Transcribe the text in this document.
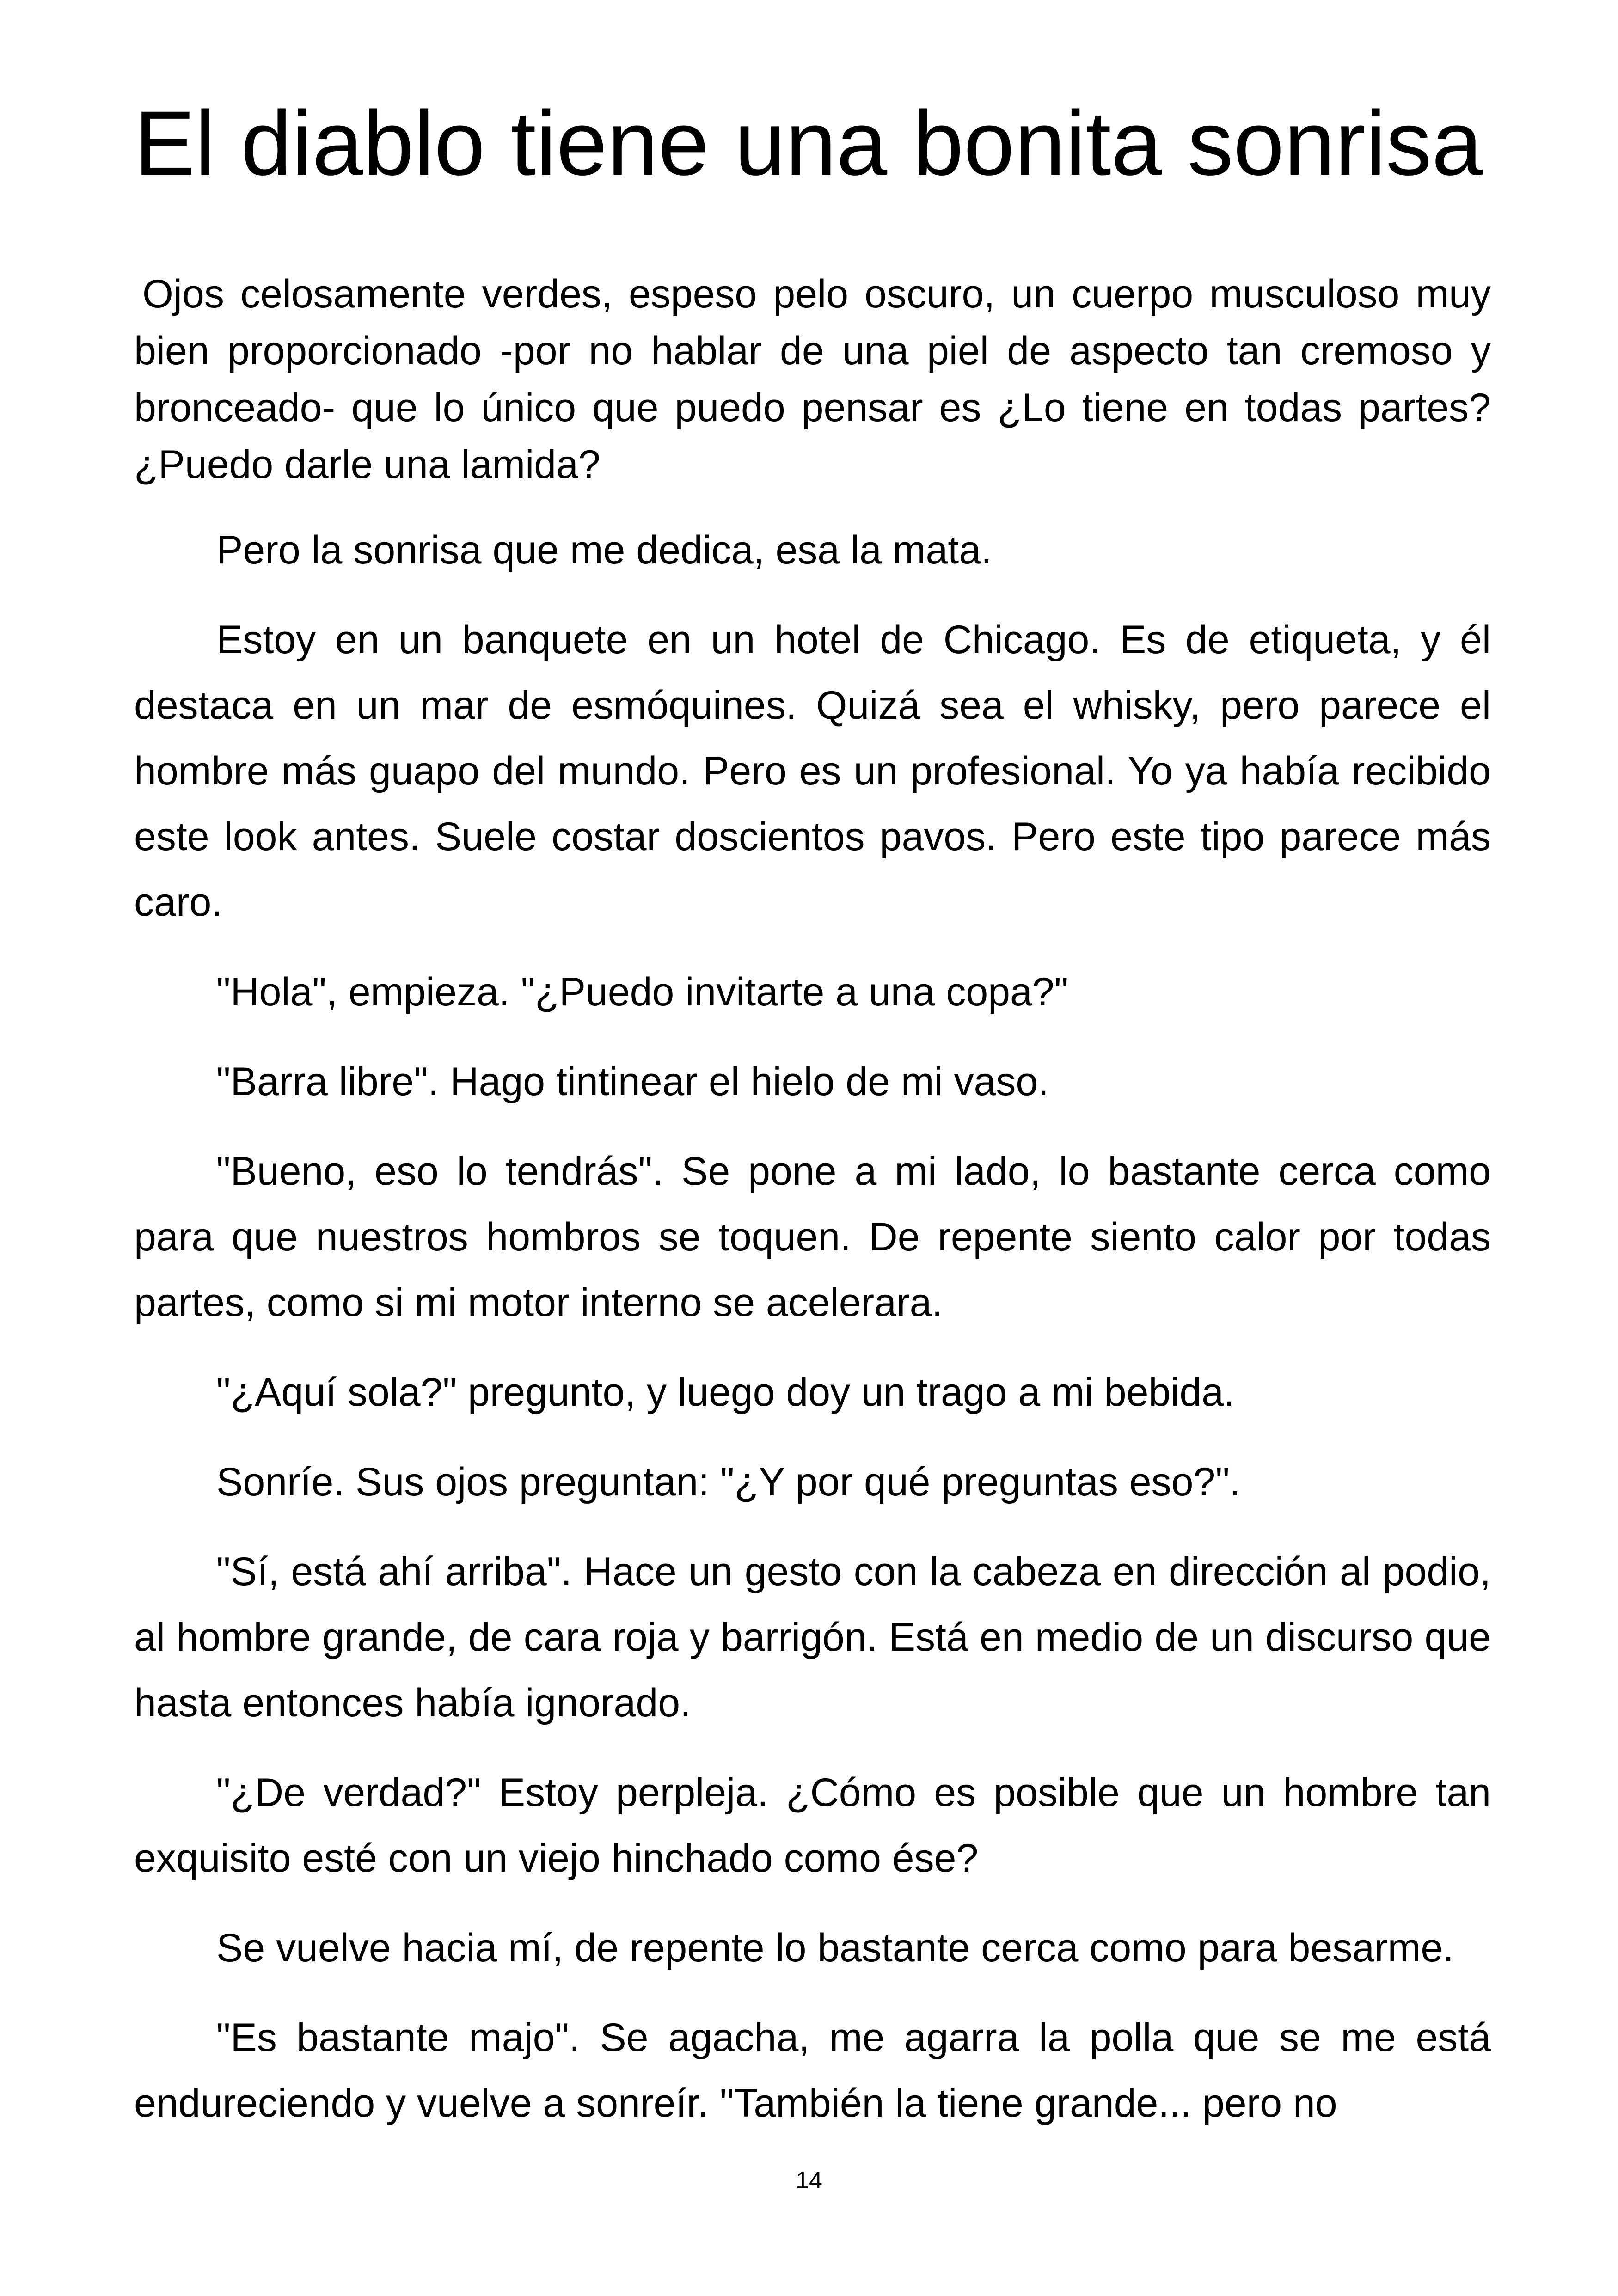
El diablo tiene una bonita sonrisa

Ojos celosamente verdes, espeso pelo oscuro, un cuerpo musculoso muy bien proporcionado -por no hablar de una piel de aspecto tan cremoso y bronceado- que lo único que puedo pensar es ¿Lo tiene en todas partes? ¿Puedo darle una lamida?

Pero la sonrisa que me dedica, esa la mata.

Estoy en un banquete en un hotel de Chicago. Es de etiqueta, y él destaca en un mar de esmóquines. Quizá sea el whisky, pero parece el hombre más guapo del mundo. Pero es un profesional. Yo ya había recibido este look antes. Suele costar doscientos pavos. Pero este tipo parece más caro.

"Hola", empieza. "¿Puedo invitarte a una copa?"

"Barra libre". Hago tintinear el hielo de mi vaso.

"Bueno, eso lo tendrás". Se pone a mi lado, lo bastante cerca como para que nuestros hombros se toquen. De repente siento calor por todas partes, como si mi motor interno se acelerara.

"¿Aquí sola?" pregunto, y luego doy un trago a mi bebida.

Sonríe. Sus ojos preguntan: "¿Y por qué preguntas eso?".

"Sí, está ahí arriba". Hace un gesto con la cabeza en dirección al podio, al hombre grande, de cara roja y barrigón. Está en medio de un discurso que hasta entonces había ignorado.

"¿De verdad?" Estoy perpleja. ¿Cómo es posible que un hombre tan exquisito esté con un viejo hinchado como ése?

Se vuelve hacia mí, de repente lo bastante cerca como para besarme.

"Es bastante majo". Se agacha, me agarra la polla que se me está endureciendo y vuelve a sonreír. "También la tiene grande... pero no

14
